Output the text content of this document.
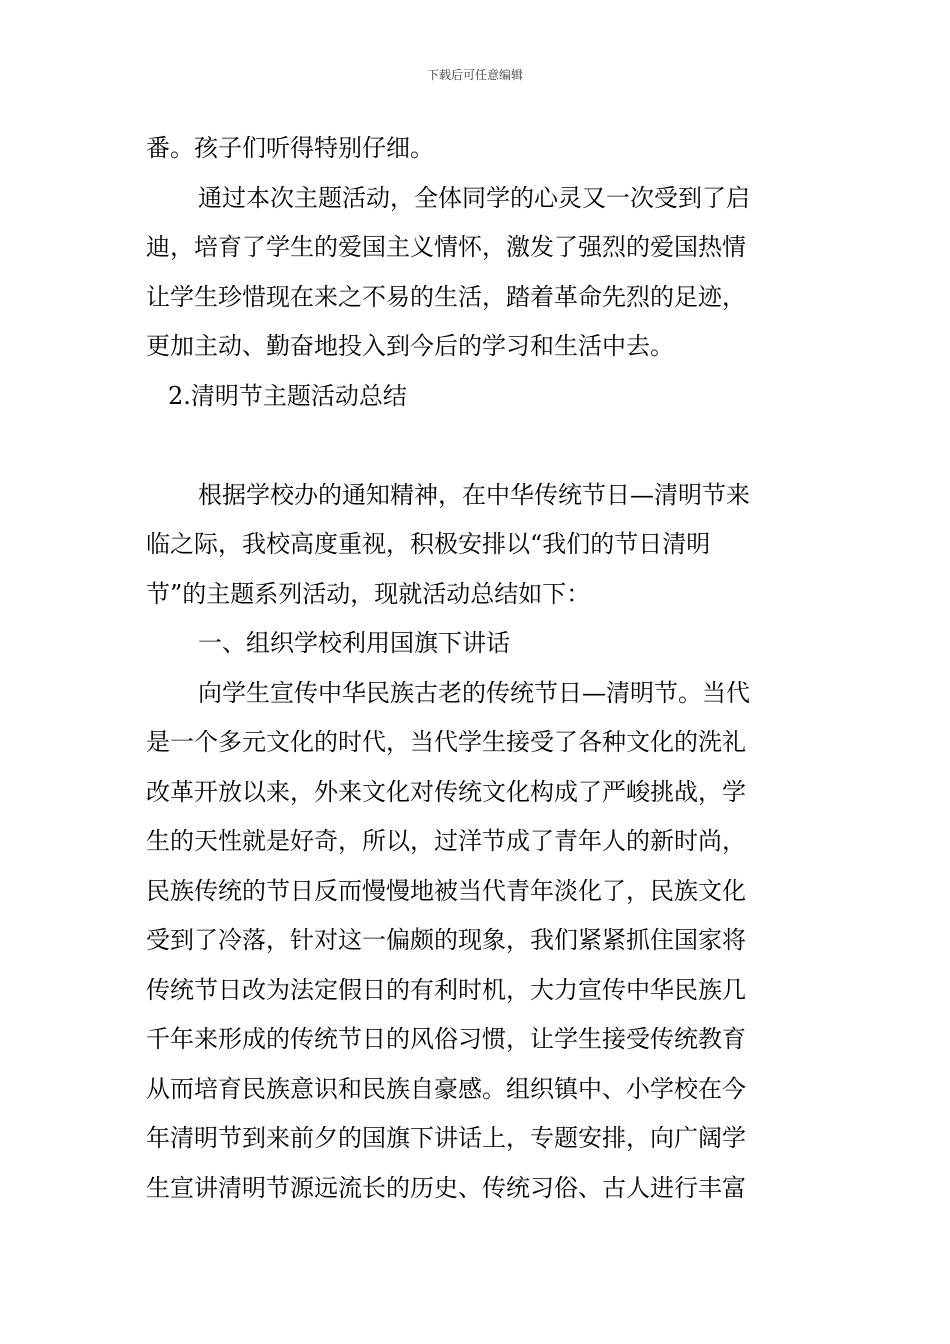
下载后可任意编辑
番。孩子们听得特别仔细。
通过本次主题活动，全体同学的心灵又一次受到了启
迪，培育了学生的爱国主义情怀，激发了强烈的爱国热情
让学生珍惜现在来之不易的生活，踏着革命先烈的足迹，
更加主动、勤奋地投入到今后的学习和生活中去。
2.清明节主题活动总结
根据学校办的通知精神，在中华传统节日—清明节来
临之际，我校高度重视，积极安排以“我们的节日清明
节”的主题系列活动，现就活动总结如下：
一、组织学校利用国旗下讲话
向学生宣传中华民族古老的传统节日—清明节。当代
是一个多元文化的时代，当代学生接受了各种文化的洗礼
改革开放以来，外来文化对传统文化构成了严峻挑战，学
生的天性就是好奇，所以，过洋节成了青年人的新时尚，
民族传统的节日反而慢慢地被当代青年淡化了，民族文化
受到了冷落，针对这一偏颇的现象，我们紧紧抓住国家将
传统节日改为法定假日的有利时机，大力宣传中华民族几
千年来形成的传统节日的风俗习惯，让学生接受传统教育
从而培育民族意识和民族自豪感。组织镇中、小学校在今
年清明节到来前夕的国旗下讲话上，专题安排，向广阔学
生宣讲清明节源远流长的历史、传统习俗、古人进行丰富
